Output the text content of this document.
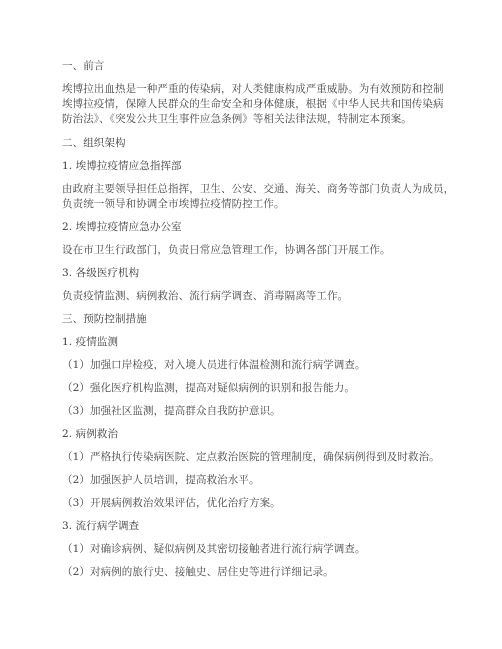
一、前言
埃博拉出血热是一种严重的传染病，对人类健康构成严重威胁。为有效预防和控制
埃博拉疫情，保障人民群众的生命安全和身体健康，根据《中华人民共和国传染病
防治法》、《突发公共卫生事件应急条例》等相关法律法规，特制定本预案。
二、组织架构
1. 埃博拉疫情应急指挥部
由政府主要领导担任总指挥，卫生、公安、交通、海关、商务等部门负责人为成员，
负责统一领导和协调全市埃博拉疫情防控工作。
2. 埃博拉疫情应急办公室
设在市卫生行政部门，负责日常应急管理工作，协调各部门开展工作。
3. 各级医疗机构
负责疫情监测、病例救治、流行病学调查、消毒隔离等工作。
三、预防控制措施
1. 疫情监测
（1）加强口岸检疫，对入境人员进行体温检测和流行病学调查。
（2）强化医疗机构监测，提高对疑似病例的识别和报告能力。
（3）加强社区监测，提高群众自我防护意识。
2. 病例救治
（1）严格执行传染病医院、定点救治医院的管理制度，确保病例得到及时救治。
（2）加强医护人员培训，提高救治水平。
（3）开展病例救治效果评估，优化治疗方案。
3. 流行病学调查
（1）对确诊病例、疑似病例及其密切接触者进行流行病学调查。
（2）对病例的旅行史、接触史、居住史等进行详细记录。
